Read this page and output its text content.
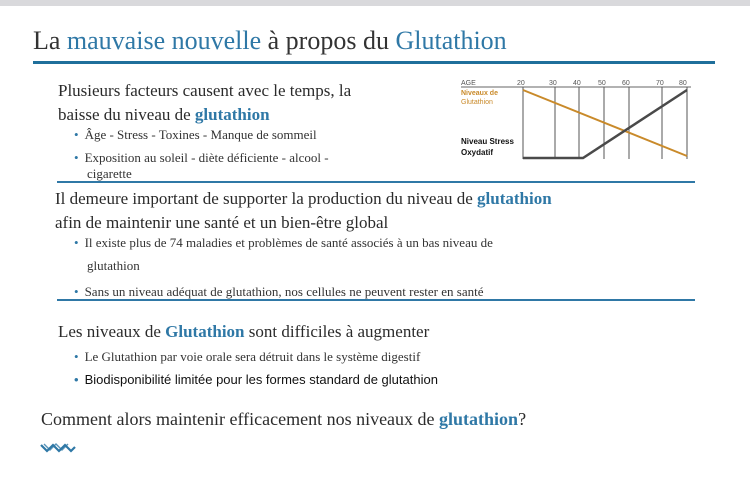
La mauvaise nouvelle à propos du Glutathion
Plusieurs facteurs causent avec le temps, la
baisse du niveau de glutathion
• Âge - Stress - Toxines - Manque de sommeil
• Exposition au soleil - diète déficiente - alcool -
cigarette
AGE	20	30 40 50 60	70 80
Niveaux de
Glutathion
Niveau Stress
Oxydatif
Il demeure important de supporter la production du niveau de glutathion
afin de maintenir une santé et un bien-être global
• Il existe plus de 74 maladies et problèmes de santé associés à un bas niveau de
glutathion
• Sans un niveau adéquat de glutathion, nos cellules ne peuvent rester en santé
Les niveaux de Glutathion sont difficiles à augmenter
• Le Glutathion par voie orale sera détruit dans le système digestif
• Biodisponibilité limitée pour les formes standard de glutathion
Comment alors maintenir efficacement nos niveaux de glutathion?
